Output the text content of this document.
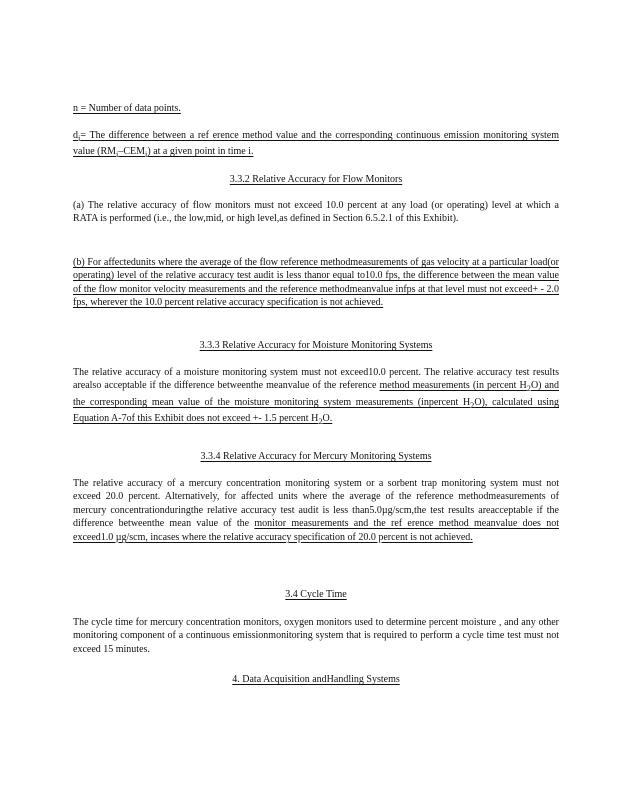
n = Number of data points.

$d_i=$ The difference between a ref erence method value and the corresponding continuous emission monitoring system value $(RM_i-CEM_i)$ at a given point in time i.

3.3.2 Relative Accuracy for Flow Monitors

(a) The relative accuracy of flow monitors must not exceed 10.0 percent at any load (or operating) level at which a RATA is performed (i.e., the low,mid, or high level,as defined in Section 6.5.2.1 of this Exhibit).

(b) For affectedunits where the average of the flow reference methodmeasurements of gas velocity at a particular load(or operating) level of the relative accuracy test audit is less thanor equal to10.0 fps, the difference between the mean value of the flow monitor velocity measurements and the reference methodmeanvalue infps at that level must not exceed+ - 2.0 fps, wherever the 10.0 percent relative accuracy specification is not achieved.

3.3.3 Relative Accuracy for Moisture Monitoring Systems

The relative accuracy of a moisture monitoring system must not exceed10.0 percent. The relative accuracy test results arealso acceptable if the difference betweenthe meanvalue of the reference method measurements (in percent $H_2O$) and the corresponding mean value of the moisture monitoring system measurements (inpercent $H_2O$), calculated using Equation A-7of this Exhibit does not exceed +- 1.5 percent $H_2O$.

3.3.4 Relative Accuracy for Mercury Monitoring Systems

The relative accuracy of a mercury concentration monitoring system or a sorbent trap monitoring system must not exceed 20.0 percent. Alternatively, for affected units where the average of the reference methodmeasurements of mercury concentrationduringthe relative accuracy test audit is less than5.0µg/scm,the test results areacceptable if the difference betweenthe mean value of the monitor measurements and the ref erence method meanvalue does not exceed1.0 µg/scm, incases where the relative accuracy specification of 20.0 percent is not achieved.

3.4 Cycle Time

The cycle time for mercury concentration monitors, oxygen monitors used to determine percent moisture , and any other monitoring component of a continuous emissionmonitoring system that is required to perform a cycle time test must not exceed 15 minutes.

4. Data Acquisition andHandling Systems
